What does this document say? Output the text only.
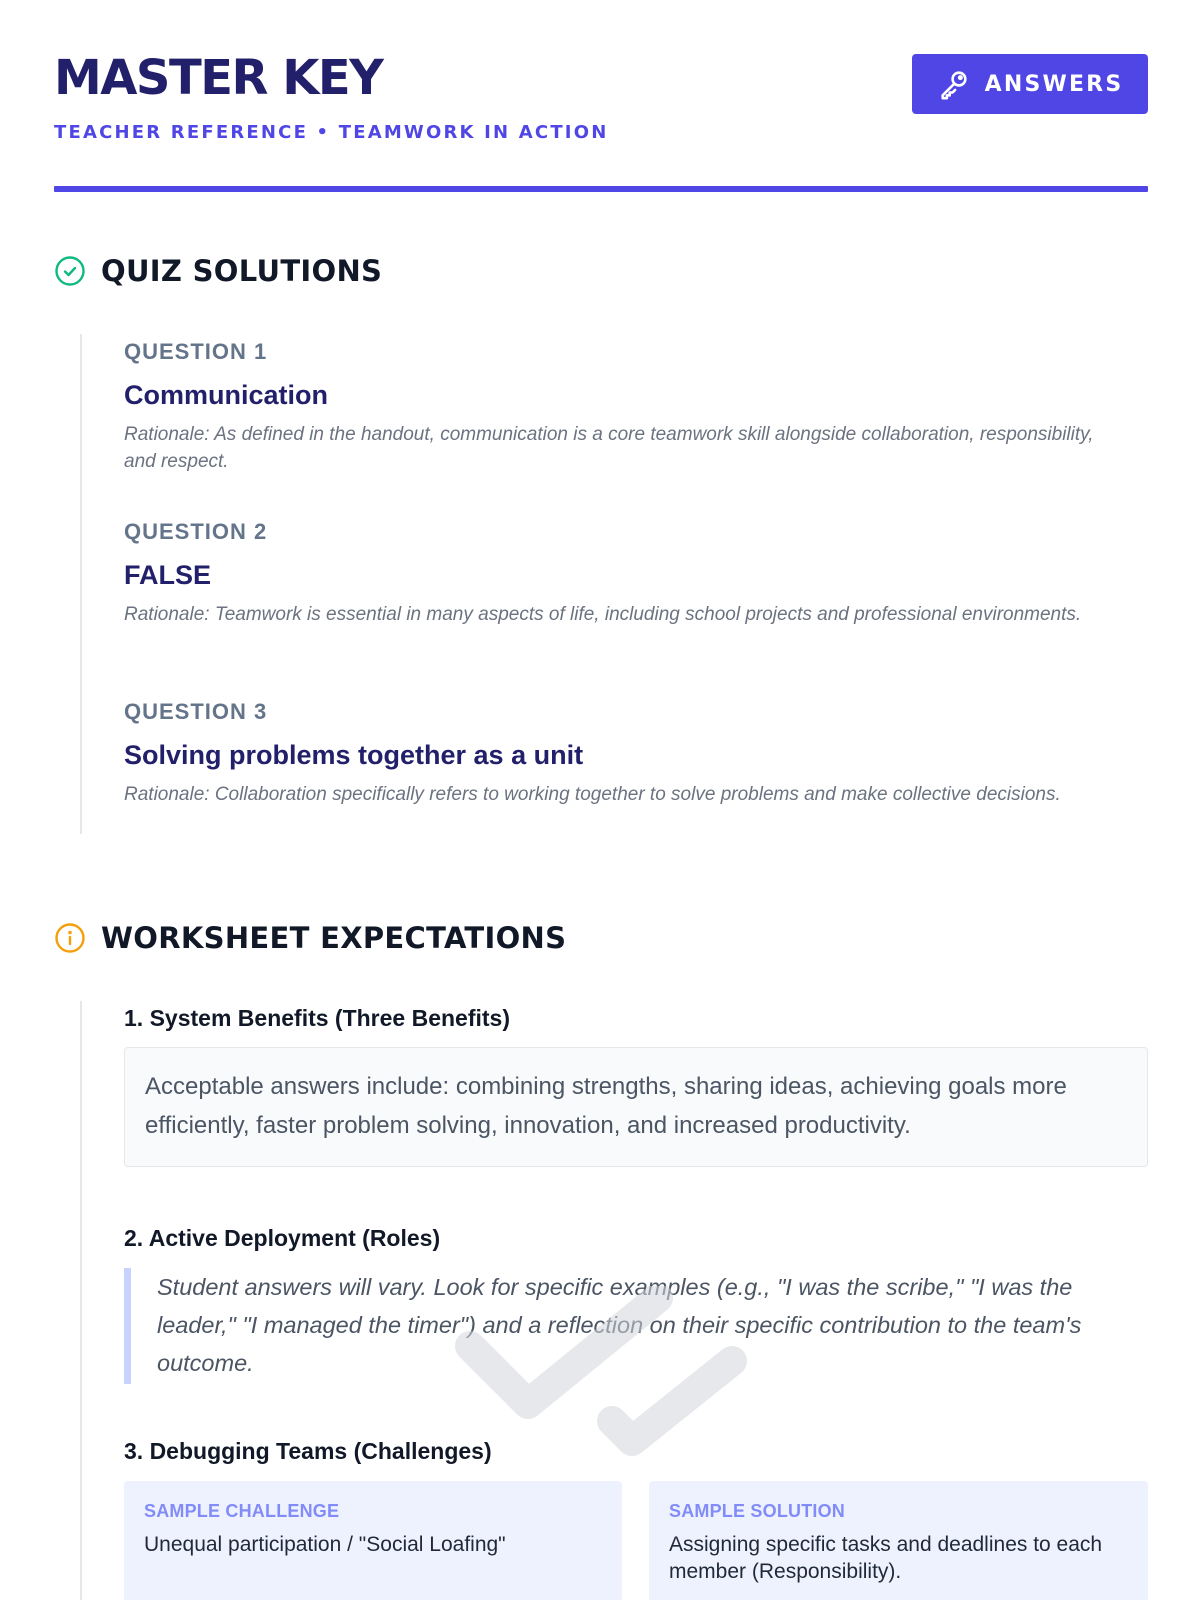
MASTER KEY
TEACHER REFERENCE • TEAMWORK IN ACTION
ANSWERS
QUIZ SOLUTIONS
QUESTION 1
Communication
Rationale: As defined in the handout, communication is a core teamwork skill alongside collaboration, responsibility, and respect.
QUESTION 2
FALSE
Rationale: Teamwork is essential in many aspects of life, including school projects and professional environments.
QUESTION 3
Solving problems together as a unit
Rationale: Collaboration specifically refers to working together to solve problems and make collective decisions.
WORKSHEET EXPECTATIONS
1. System Benefits (Three Benefits)
Acceptable answers include: combining strengths, sharing ideas, achieving goals more efficiently, faster problem solving, innovation, and increased productivity.
2. Active Deployment (Roles)
Student answers will vary. Look for specific examples (e.g., "I was the scribe," "I was the leader," "I managed the timer") and a reflection on their specific contribution to the team's outcome.
3. Debugging Teams (Challenges)
SAMPLE CHALLENGE
Unequal participation / "Social Loafing"
SAMPLE SOLUTION
Assigning specific tasks and deadlines to each member (Responsibility).
